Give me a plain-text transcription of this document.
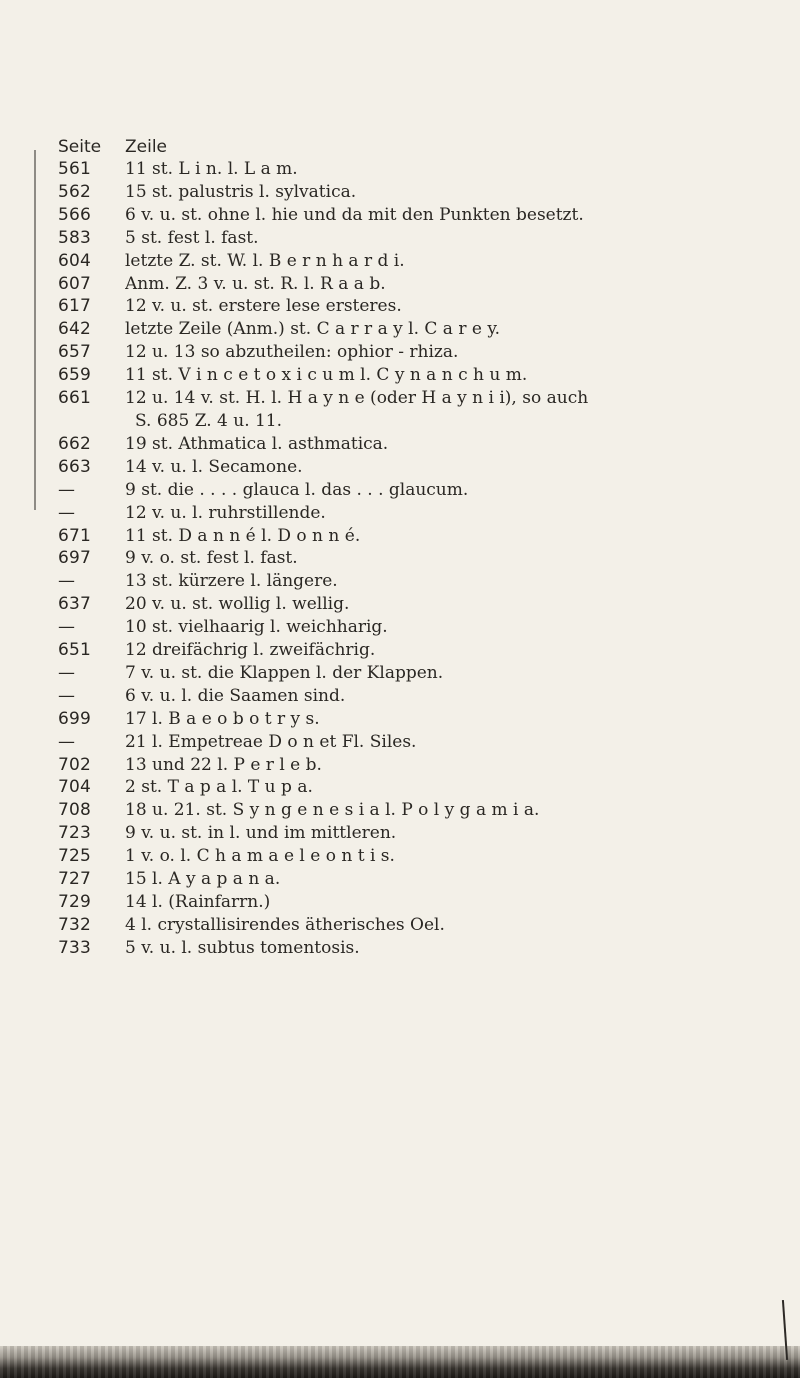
Seite	Zeile
561	11 st. L i n. l. L a m.
562	15 st. palustris l. sylvatica.
566	6 v. u. st. ohne l. hie und da mit den Punkten besetzt.
583	5 st. fest l. fast.
604	letzte Z. st. W. l. B e r n h a r d i.
607	Anm. Z. 3 v. u. st. R. l. R a a b.
617	12 v. u. st. erstere lese ersteres.
642	letzte Zeile (Anm.) st. C a r r a y l. C a r e y.
657	12 u. 13 so abzutheilen: ophior - rhiza.
659	11 st. V i n c e t o x i c u m l. C y n a n c h u m.
661	12 u. 14 v. st. H. l. H a y n e (oder H a y n i i), so auch
S. 685 Z. 4 u. 11.
662	19 st. Athmatica l. asthmatica.
663	14 v. u. l. Secamone.
—	9 st. die . . . . glauca l. das . . . glaucum.
—	12 v. u. l. ruhrstillende.
671	11 st. D a n n é l. D o n n é.
697	9 v. o. st. fest l. fast.
—	13 st. kürzere l. längere.
637	20 v. u. st. wollig l. wellig.
—	10 st. vielhaarig l. weichharig.
651	12 dreifächrig l. zweifächrig.
—	7 v. u. st. die Klappen l. der Klappen.
—	6 v. u. l. die Saamen sind.
699	17 l. B a e o b o t r y s.
—	21 l. Empetreae D o n et Fl. Siles.
702	13 und 22 l. P e r l e b.
704	2 st. T a p a l. T u p a.
708	18 u. 21. st. S y n g e n e s i a l. P o l y g a m i a.
723	9 v. u. st. in l. und im mittleren.
725	1 v. o. l. C h a m a e l e o n t i s.
727	15 l. A y a p a n a.
729	14 l. (Rainfarrn.)
732	4 l. crystallisirendes ätherisches Oel.
733	5 v. u. l. subtus tomentosis.
